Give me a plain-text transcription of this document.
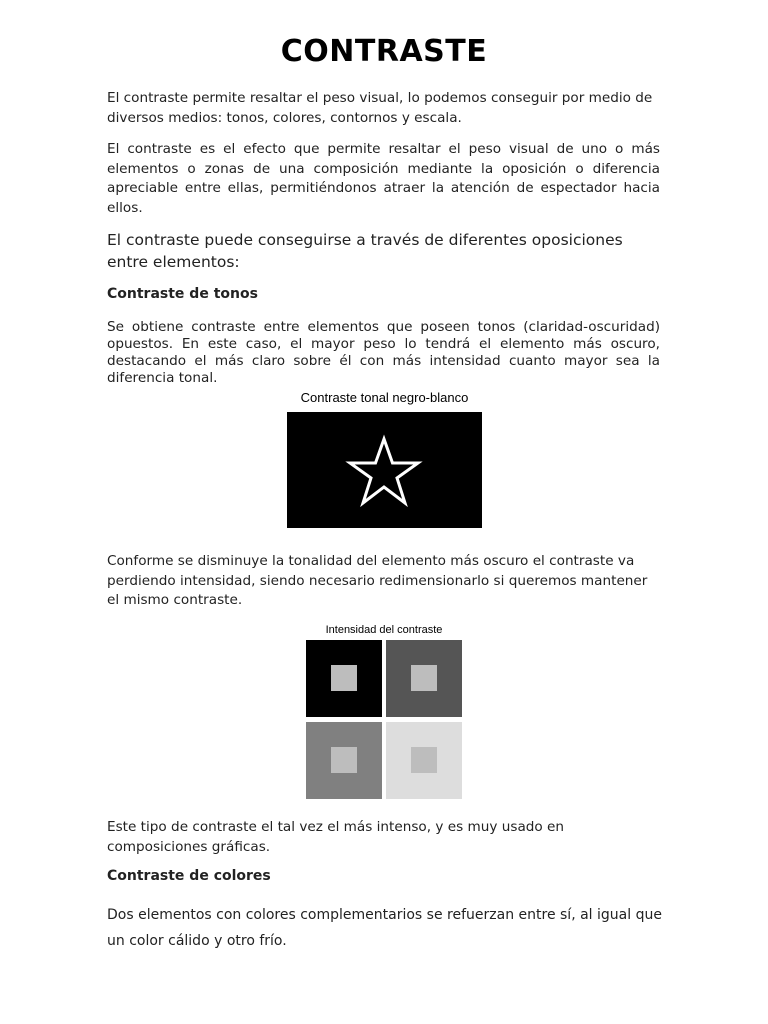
CONTRASTE

El contraste permite resaltar el peso visual, lo podemos conseguir por medio de diversos medios: tonos, colores, contornos y escala.

El contraste es el efecto que permite resaltar el peso visual de uno o más elementos o zonas de una composición mediante la oposición o diferencia apreciable entre ellas, permitiéndonos atraer la atención de espectador hacia ellos.

El contraste puede conseguirse a través de diferentes oposiciones entre elementos:

Contraste de tonos

Se obtiene contraste entre elementos que poseen tonos (claridad-oscuridad) opuestos. En este caso, el mayor peso lo tendrá el elemento más oscuro, destacando el más claro sobre él con más intensidad cuanto mayor sea la diferencia tonal.

Contraste tonal negro-blanco

Conforme se disminuye la tonalidad del elemento más oscuro el contraste va perdiendo intensidad, siendo necesario redimensionarlo si queremos mantener el mismo contraste.

Intensidad del contraste

Este tipo de contraste el tal vez el más intenso, y es muy usado en composiciones gráficas.

Contraste de colores

Dos elementos con colores complementarios se refuerzan entre sí, al igual que un color cálido y otro frío.
